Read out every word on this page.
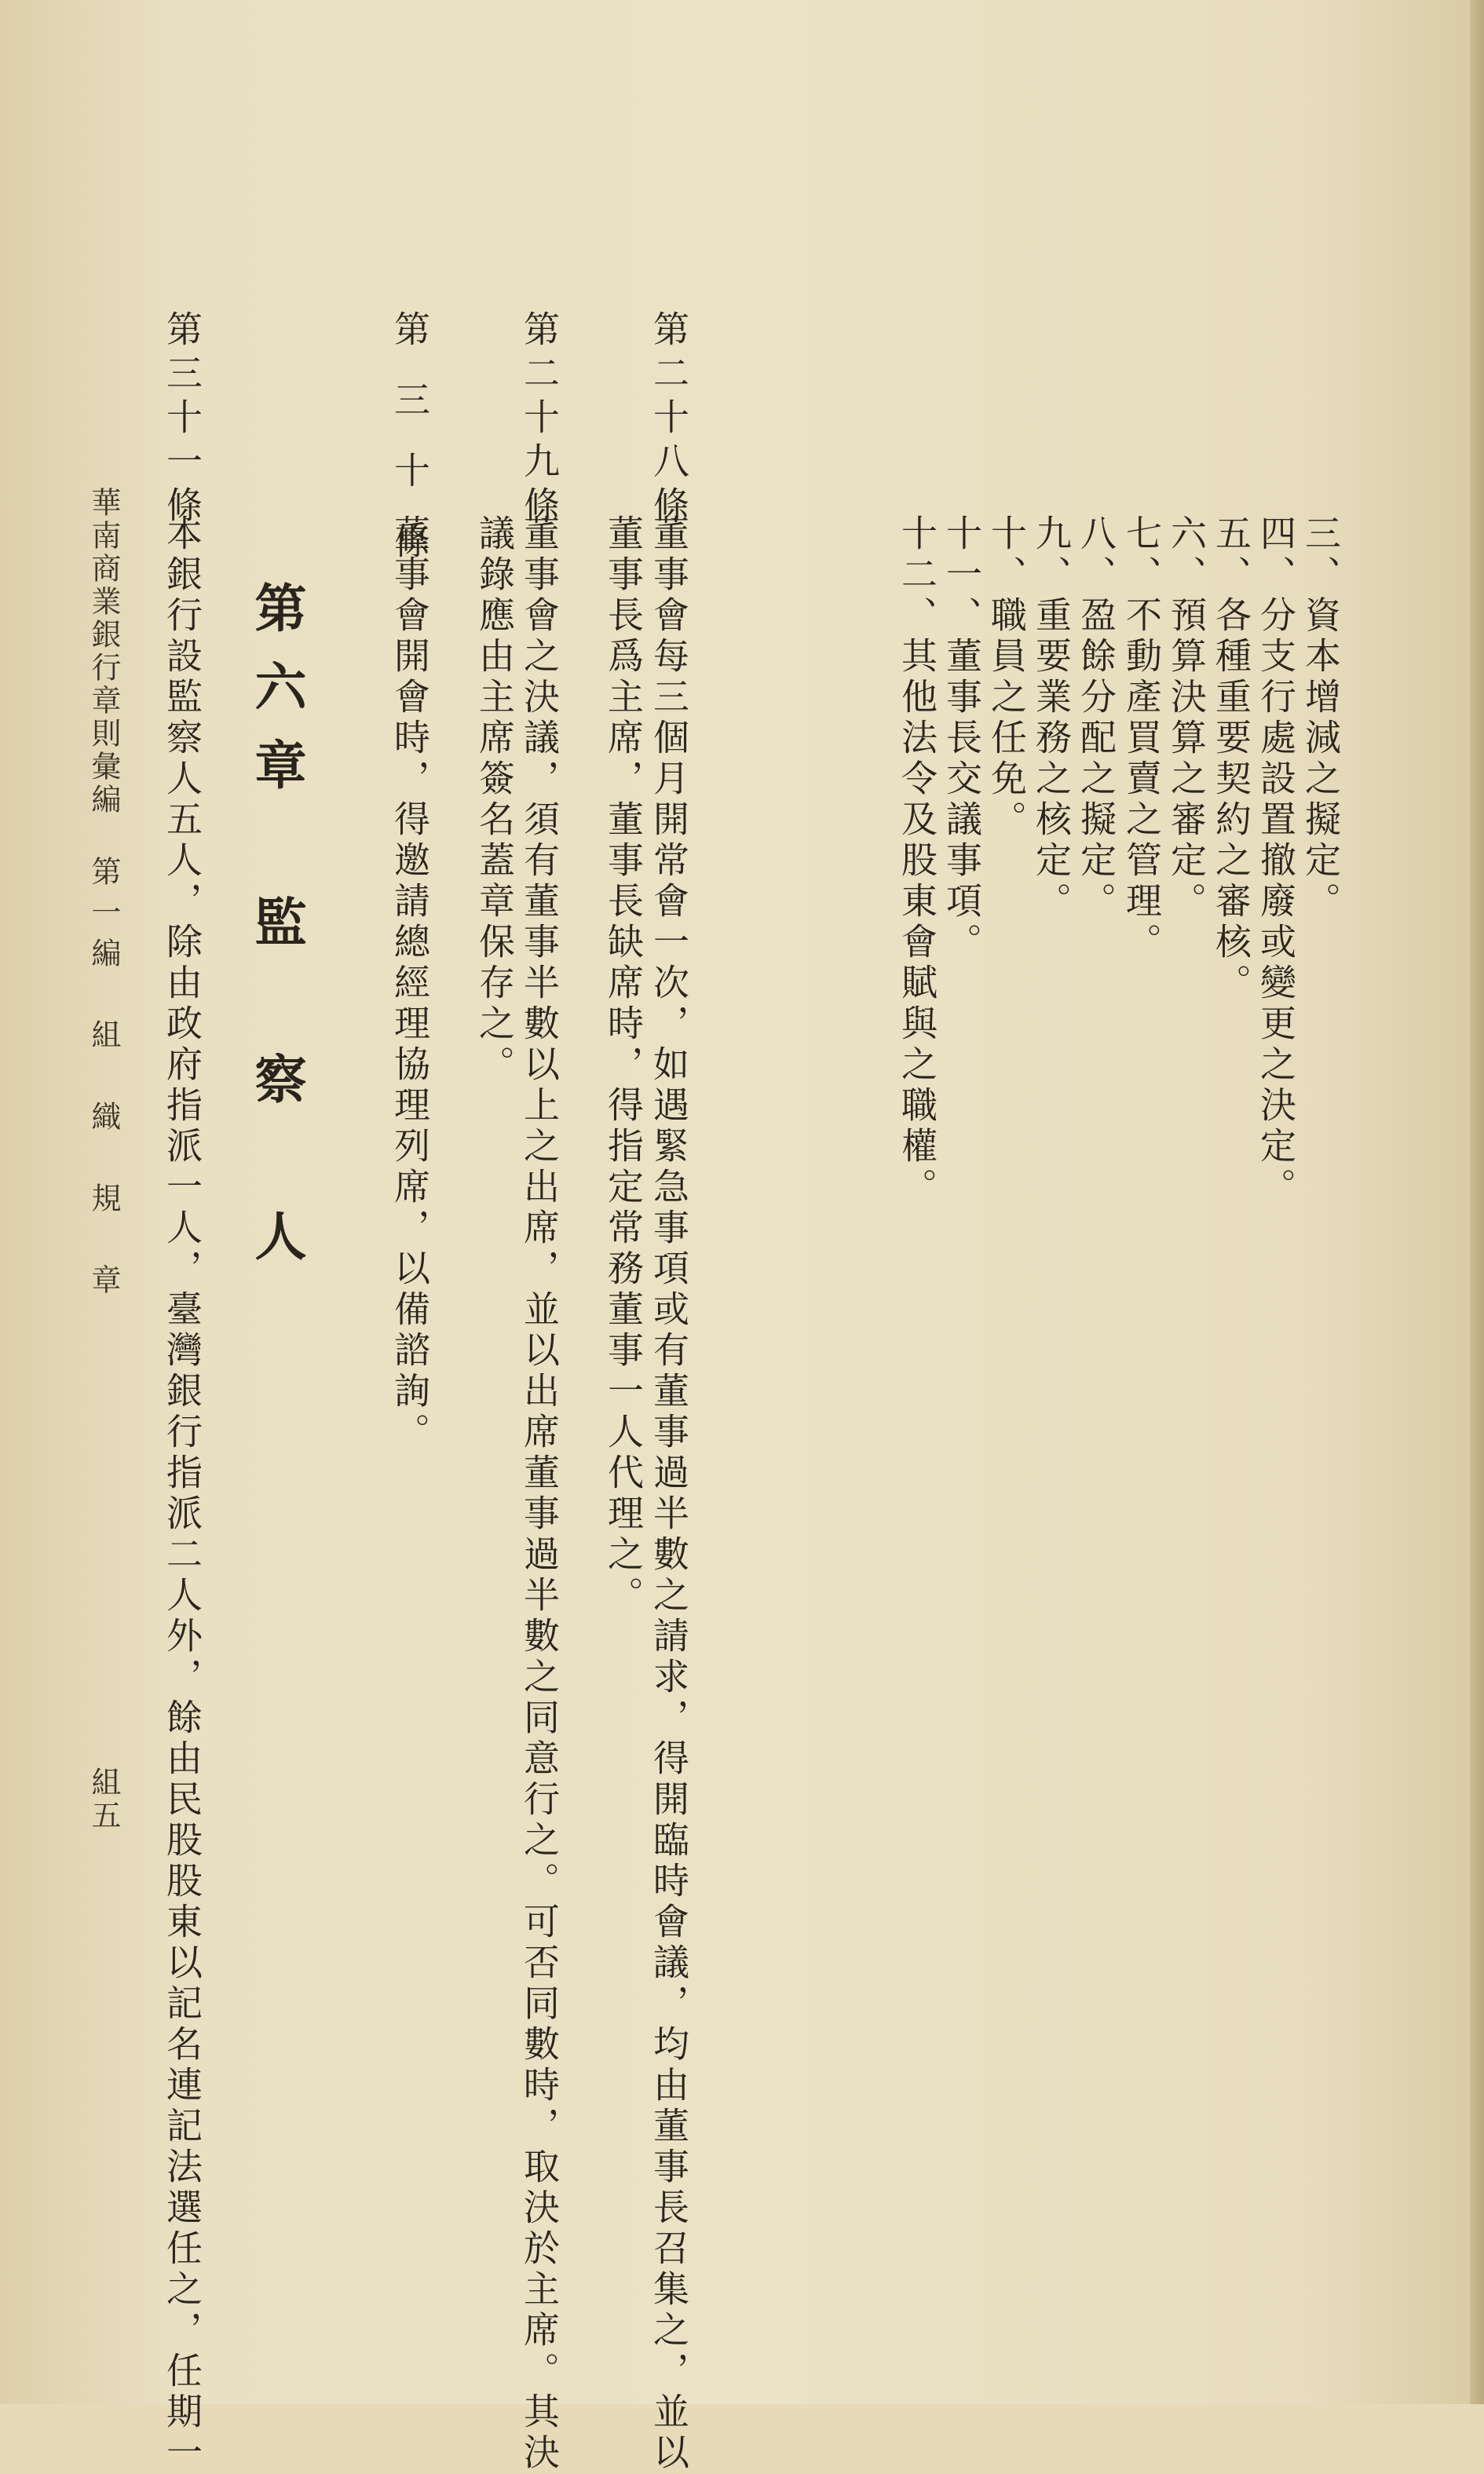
三、資本增減之擬定。
四、分支行處設置撤廢或變更之決定。
五、各種重要契約之審核。
六、預算決算之審定。
七、不動產買賣之管理。
八、盈餘分配之擬定。
九、重要業務之核定。
十、職員之任免。
十一、董事長交議事項。
十二、其他法令及股東會賦與之職權。
第二十八條
董事會每三個月開常會一次，如遇緊急事項或有董事過半數之請求，得開臨時會議，均由董事長召集之，並以
董事長爲主席，董事長缺席時，得指定常務董事一人代理之。
第二十九條
董事會之決議，須有董事半數以上之出席，並以出席董事過半數之同意行之。可否同數時，取決於主席。其決
議錄應由主席簽名蓋章保存之。
第三十條
董事會開會時，得邀請總經理協理列席，以備諮詢。
第六章　監　察　人
第三十一條
本銀行設監察人五人，除由政府指派一人，臺灣銀行指派二人外，餘由民股股東以記名連記法選任之，任期一
華南商業銀行章則彙編
第一編　組　織　規　章
組五
